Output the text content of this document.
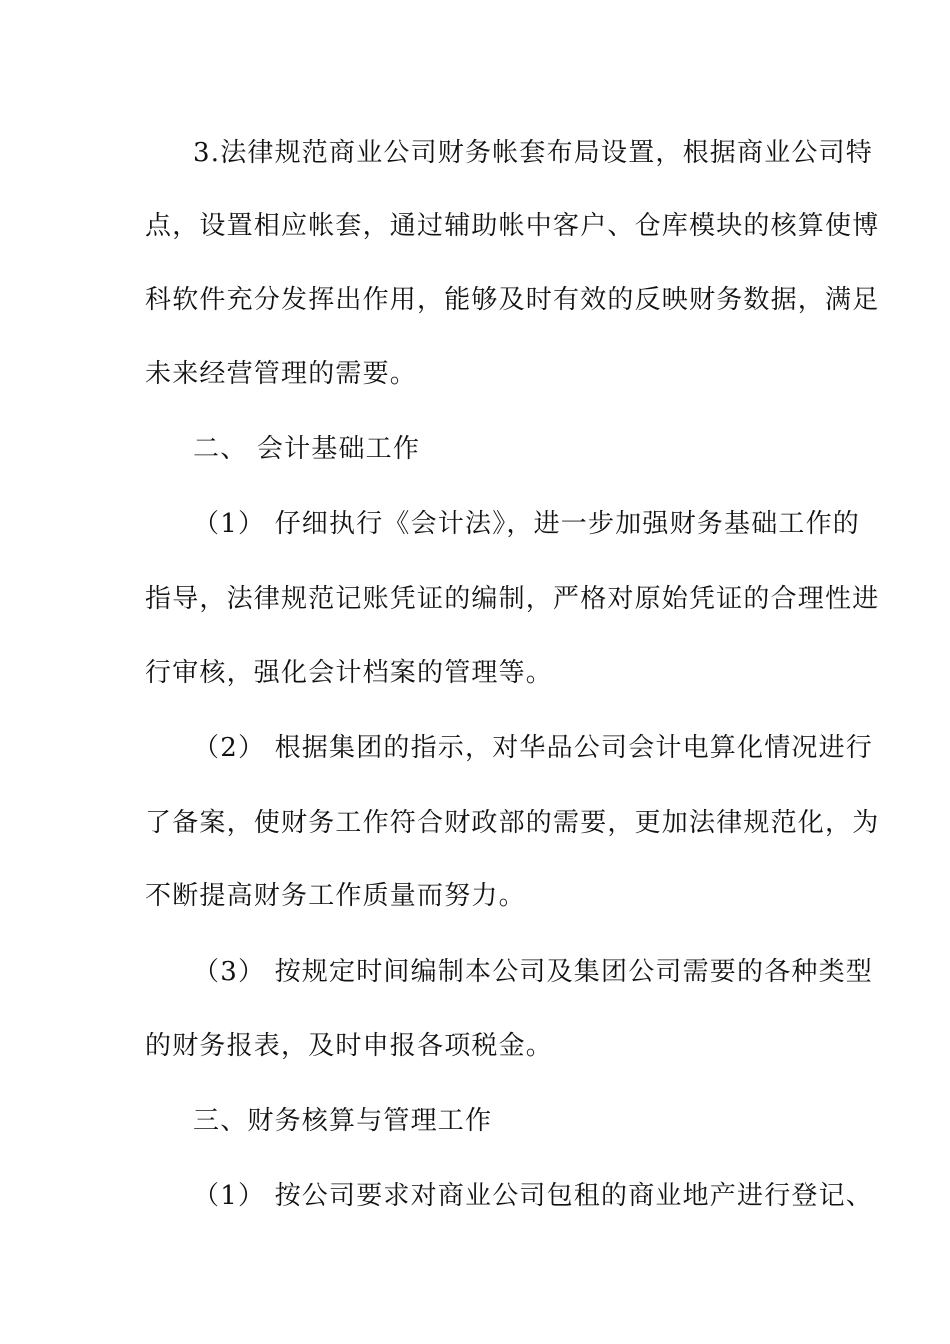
3.法律规范商业公司财务帐套布局设置，根据商业公司特
点，设置相应帐套，通过辅助帐中客户、仓库模块的核算使博
科软件充分发挥出作用，能够及时有效的反映财务数据，满足
未来经营管理的需要。
二、 会计基础工作
（1） 仔细执行《会计法》，进一步加强财务基础工作的
指导，法律规范记账凭证的编制，严格对原始凭证的合理性进
行审核，强化会计档案的管理等。
（2） 根据集团的指示，对华品公司会计电算化情况进行
了备案，使财务工作符合财政部的需要，更加法律规范化，为
不断提高财务工作质量而努力。
（3） 按规定时间编制本公司及集团公司需要的各种类型
的财务报表，及时申报各项税金。
三、财务核算与管理工作
（1） 按公司要求对商业公司包租的商业地产进行登记、
